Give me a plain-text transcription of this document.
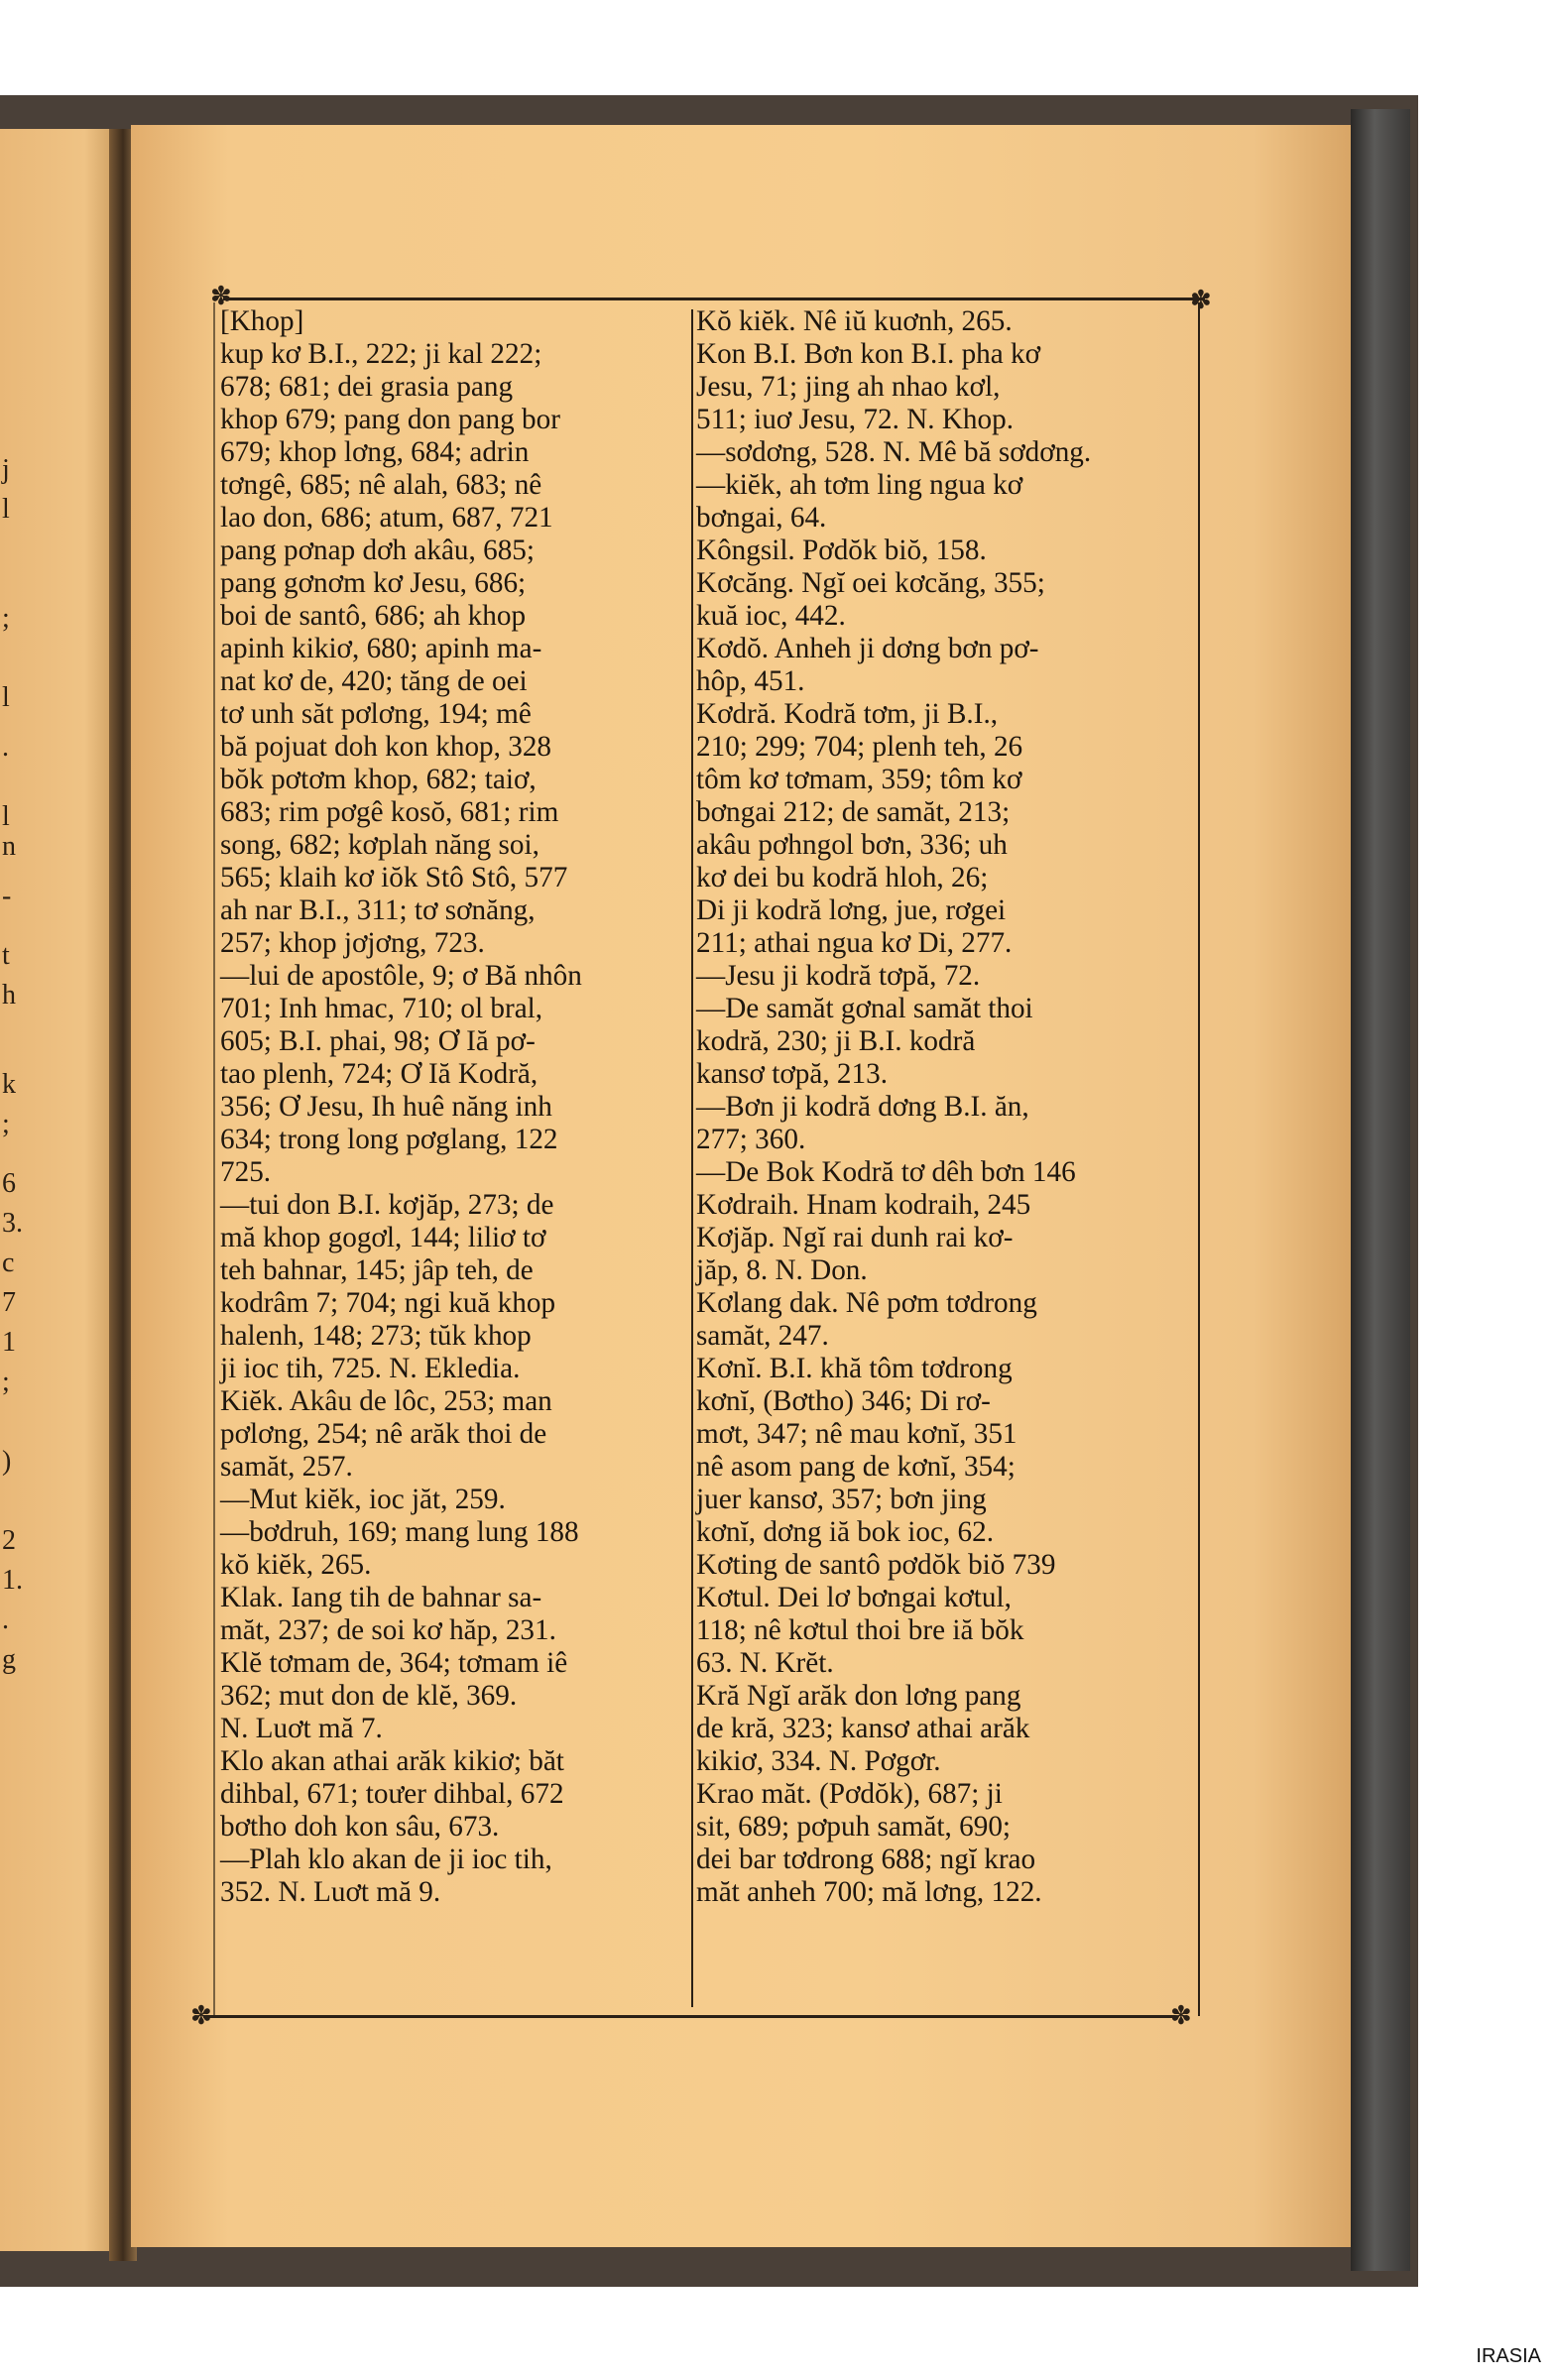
j
l
;
l
.
l
n
-
t
h
k
;
6
3.
c
7
1
;
)
2
1.
.
g
✽	✽
✽	✽
[Khop]
kup kơ B.I., 222; ji kal 222;
678; 681; dei grasia pang
khop 679; pang don pang bor
679; khop lơng, 684; adrin
tơngê, 685; nê alah, 683; nê
lao don, 686; atum, 687, 721
pang pơnap dơh akâu, 685;
pang gơnơm kơ Jesu, 686;
boi de santô, 686; ah khop
apinh kikiơ, 680; apinh ma-
nat kơ de, 420; tăng de oei
tơ unh săt pơlơng, 194; mê
bă pojuat doh kon khop, 328
bŏk pơtơm khop, 682; taiơ,
683; rim pơgê kosŏ, 681; rim
song, 682; kơplah năng soi,
565; klaih kơ iŏk Stô Stô, 577
ah nar B.I., 311; tơ sơnăng,
257; khop jơjơng, 723.
—lui de apostôle, 9; ơ Bă nhôn
701; Inh hmac, 710; ol bral,
605; B.I. phai, 98; Ơ Iă pơ-
tao plenh, 724; Ơ Iă Kodră,
356; Ơ Jesu, Ih huê năng inh
634; trong long pơglang, 122
725.
—tui don B.I. kơjăp, 273; de
mă khop gogơl, 144; liliơ tơ
teh bahnar, 145; jâp teh, de
kodrâm 7; 704; ngi kuă khop
halenh, 148; 273; tŭk khop
ji ioc tih, 725. N. Ekledia.
Kiĕk. Akâu de lôc, 253; man
pơlơng, 254; nê arăk thoi de
samăt, 257.
—Mut kiĕk, ioc jăt, 259.
—bơdruh, 169; mang lung 188
kŏ kiĕk, 265.
Klak. Iang tih de bahnar sa-
măt, 237; de soi kơ hăp, 231.
Klĕ tơmam de, 364; tơmam iê
362; mut don de klĕ, 369.
N. Luơt mă 7.
Klo akan athai arăk kikiơ; băt
dihbal, 671; toưer dihbal, 672
bơtho doh kon sâu, 673.
—Plah klo akan de ji ioc tih,
352. N. Luơt mă 9.
Kŏ kiĕk. Nê iŭ kuơnh, 265.
Kon B.I. Bơn kon B.I. pha kơ
Jesu, 71; jing ah nhao kơl,
511; iuơ Jesu, 72. N. Khop.
—sơdơng, 528. N. Mê bă sơdơng.
—kiĕk, ah tơm ling ngua kơ
bơngai, 64.
Kôngsil. Pơdŏk biŏ, 158.
Kơcăng. Ngĭ oei kơcăng, 355;
kuă ioc, 442.
Kơdŏ. Anheh ji dơng bơn pơ-
hôp, 451.
Kơdră. Kodră tơm, ji B.I.,
210; 299; 704; plenh teh, 26
tôm kơ tơmam, 359; tôm kơ
bơngai 212; de samăt, 213;
akâu pơhngol bơn, 336; uh
kơ dei bu kodră hloh, 26;
Di ji kodră lơng, jue, rơgei
211; athai ngua kơ Di, 277.
—Jesu ji kodră tơpă, 72.
—De samăt gơnal samăt thoi
kodră, 230; ji B.I. kodră
kansơ tơpă, 213.
—Bơn ji kodră dơng B.I. ăn,
277; 360.
—De Bok Kodră tơ dêh bơn 146
Kơdraih. Hnam kodraih, 245
Kơjăp. Ngĭ rai dunh rai kơ-
jăp, 8. N. Don.
Kơlang dak. Nê pơm tơdrong
samăt, 247.
Kơnĭ. B.I. khă tôm tơdrong
kơnĭ, (Bơtho) 346; Di rơ-
mơt, 347; nê mau kơnĭ, 351
nê asom pang de kơnĭ, 354;
juer kansơ, 357; bơn jing
kơnĭ, dơng iă bok ioc, 62.
Kơting de santô pơdŏk biŏ 739
Kơtul. Dei lơ bơngai kơtul,
118; nê kơtul thoi bre iă bŏk
63. N. Krĕt.
Kră Ngĭ arăk don lơng pang
de kră, 323; kansơ athai arăk
kikiơ, 334. N. Pơgơr.
Krao măt. (Pơdŏk), 687; ji
sit, 689; pơpuh samăt, 690;
dei bar tơdrong 688; ngĭ krao
măt anheh 700; mă lơng, 122.
IRASIA
